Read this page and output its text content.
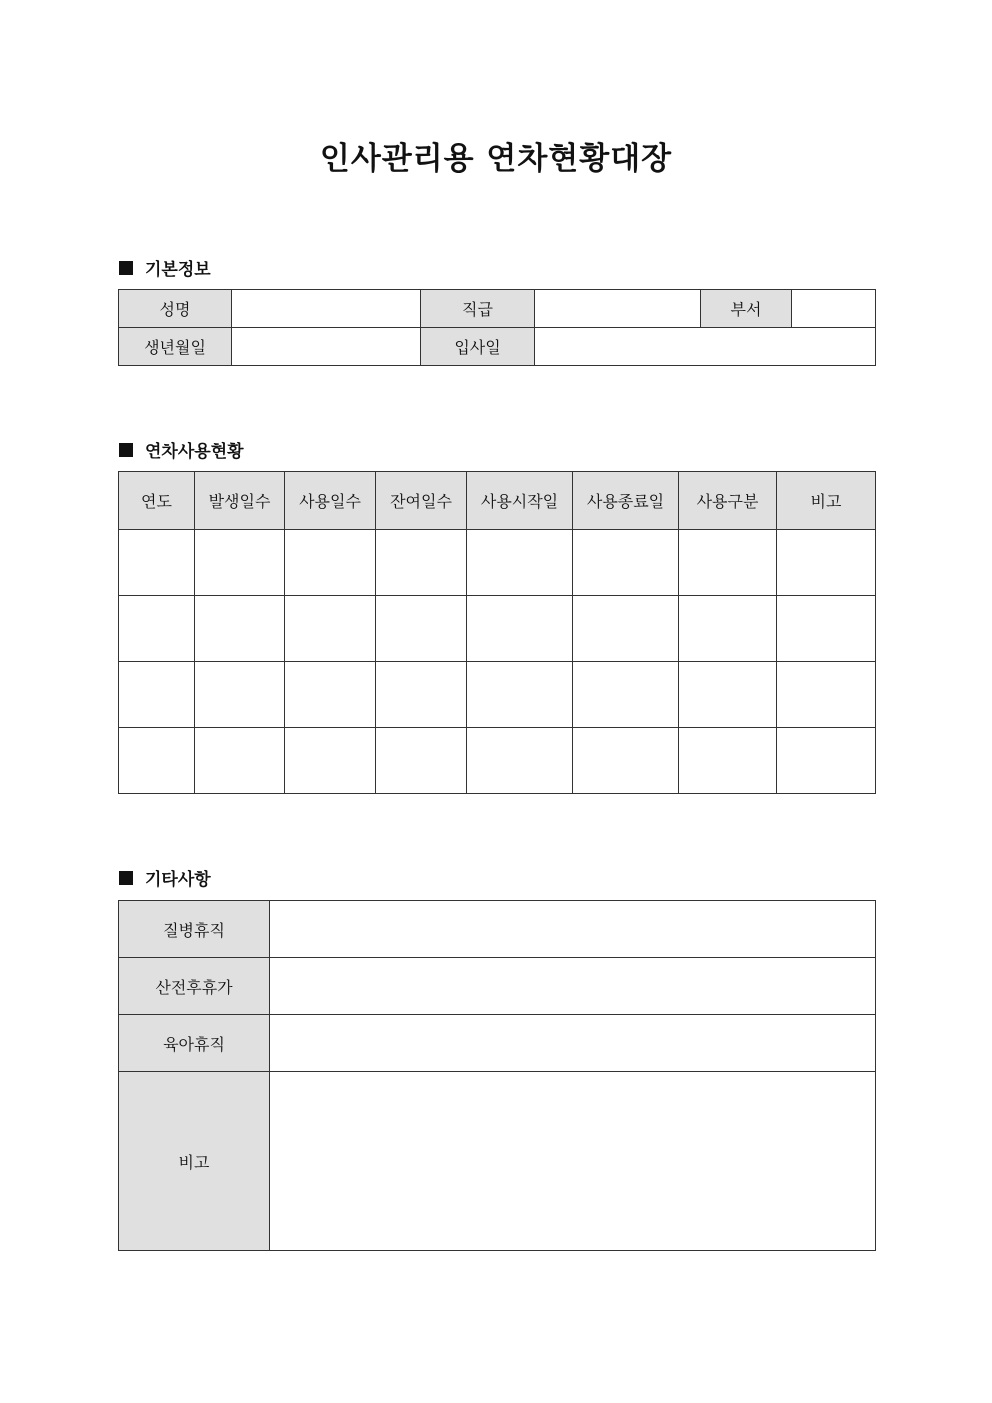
인사관리용 연차현황대장
기본정보
성명		직급		부서	
생년월일		입사일			
연차사용현황
연도	발생일수	사용일수	잔여일수	사용시작일	사용종료일	사용구분	비고

기타사항
질병휴직	
산전후휴가	
육아휴직	
비고	
